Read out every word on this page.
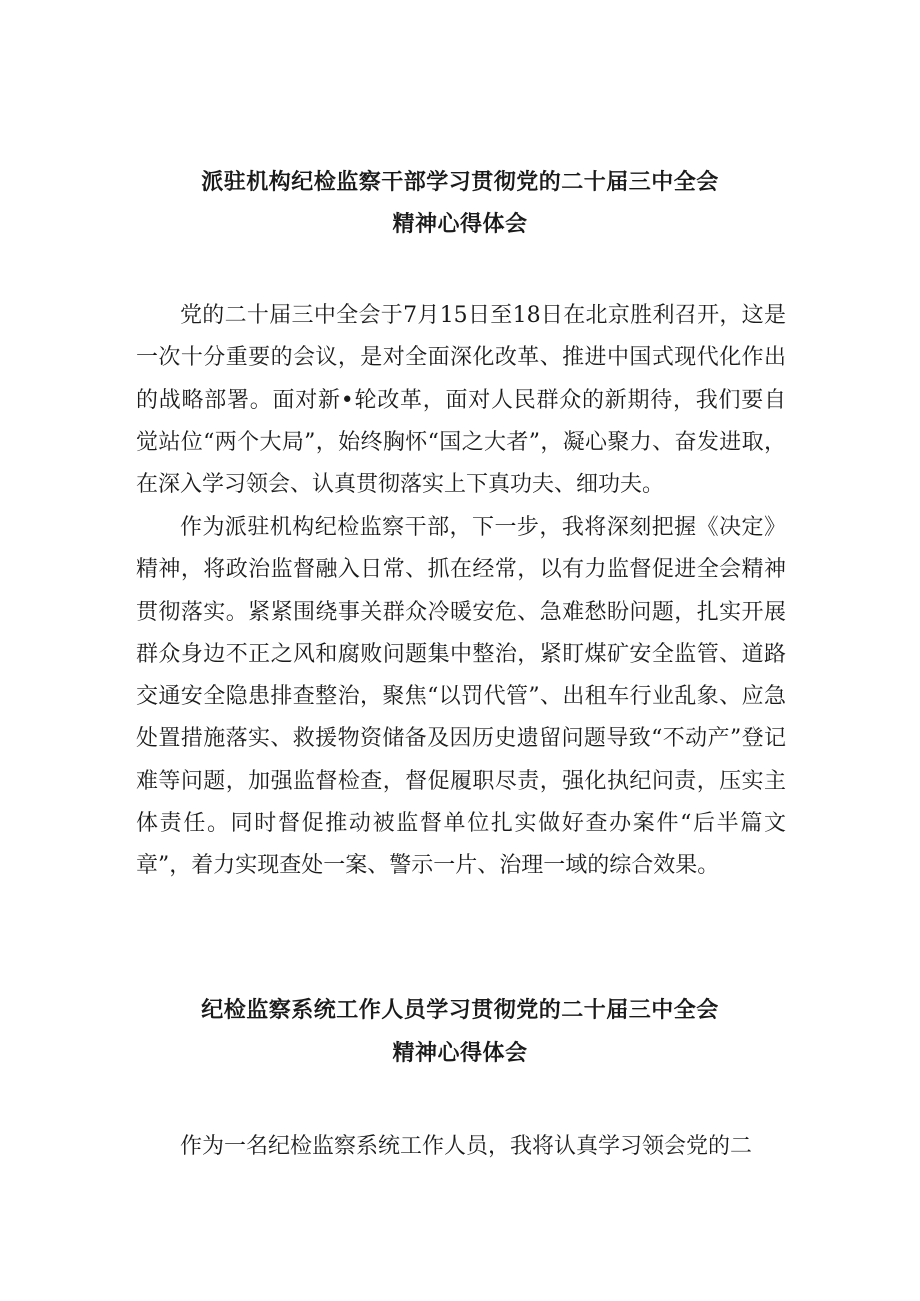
派驻机构纪检监察干部学习贯彻党的二十届三中全会
精神心得体会

党的二十届三中全会于7月15日至18日在北京胜利召开，这是一次十分重要的会议，是对全面深化改革、推进中国式现代化作出的战略部署。面对新•轮改革，面对人民群众的新期待，我们要自觉站位“两个大局”，始终胸怀“国之大者”，凝心聚力、奋发进取，在深入学习领会、认真贯彻落实上下真功夫、细功夫。

作为派驻机构纪检监察干部，下一步，我将深刻把握《决定》精神，将政治监督融入日常、抓在经常，以有力监督促进全会精神贯彻落实。紧紧围绕事关群众冷暖安危、急难愁盼问题，扎实开展群众身边不正之风和腐败问题集中整治，紧盯煤矿安全监管、道路交通安全隐患排查整治，聚焦“以罚代管”、出租车行业乱象、应急处置措施落实、救援物资储备及因历史遗留问题导致“不动产”登记难等问题，加强监督检查，督促履职尽责，强化执纪问责，压实主体责任。同时督促推动被监督单位扎实做好查办案件“后半篇文章”，着力实现查处一案、警示一片、治理一域的综合效果。

纪检监察系统工作人员学习贯彻党的二十届三中全会
精神心得体会

作为一名纪检监察系统工作人员，我将认真学习领会党的二
